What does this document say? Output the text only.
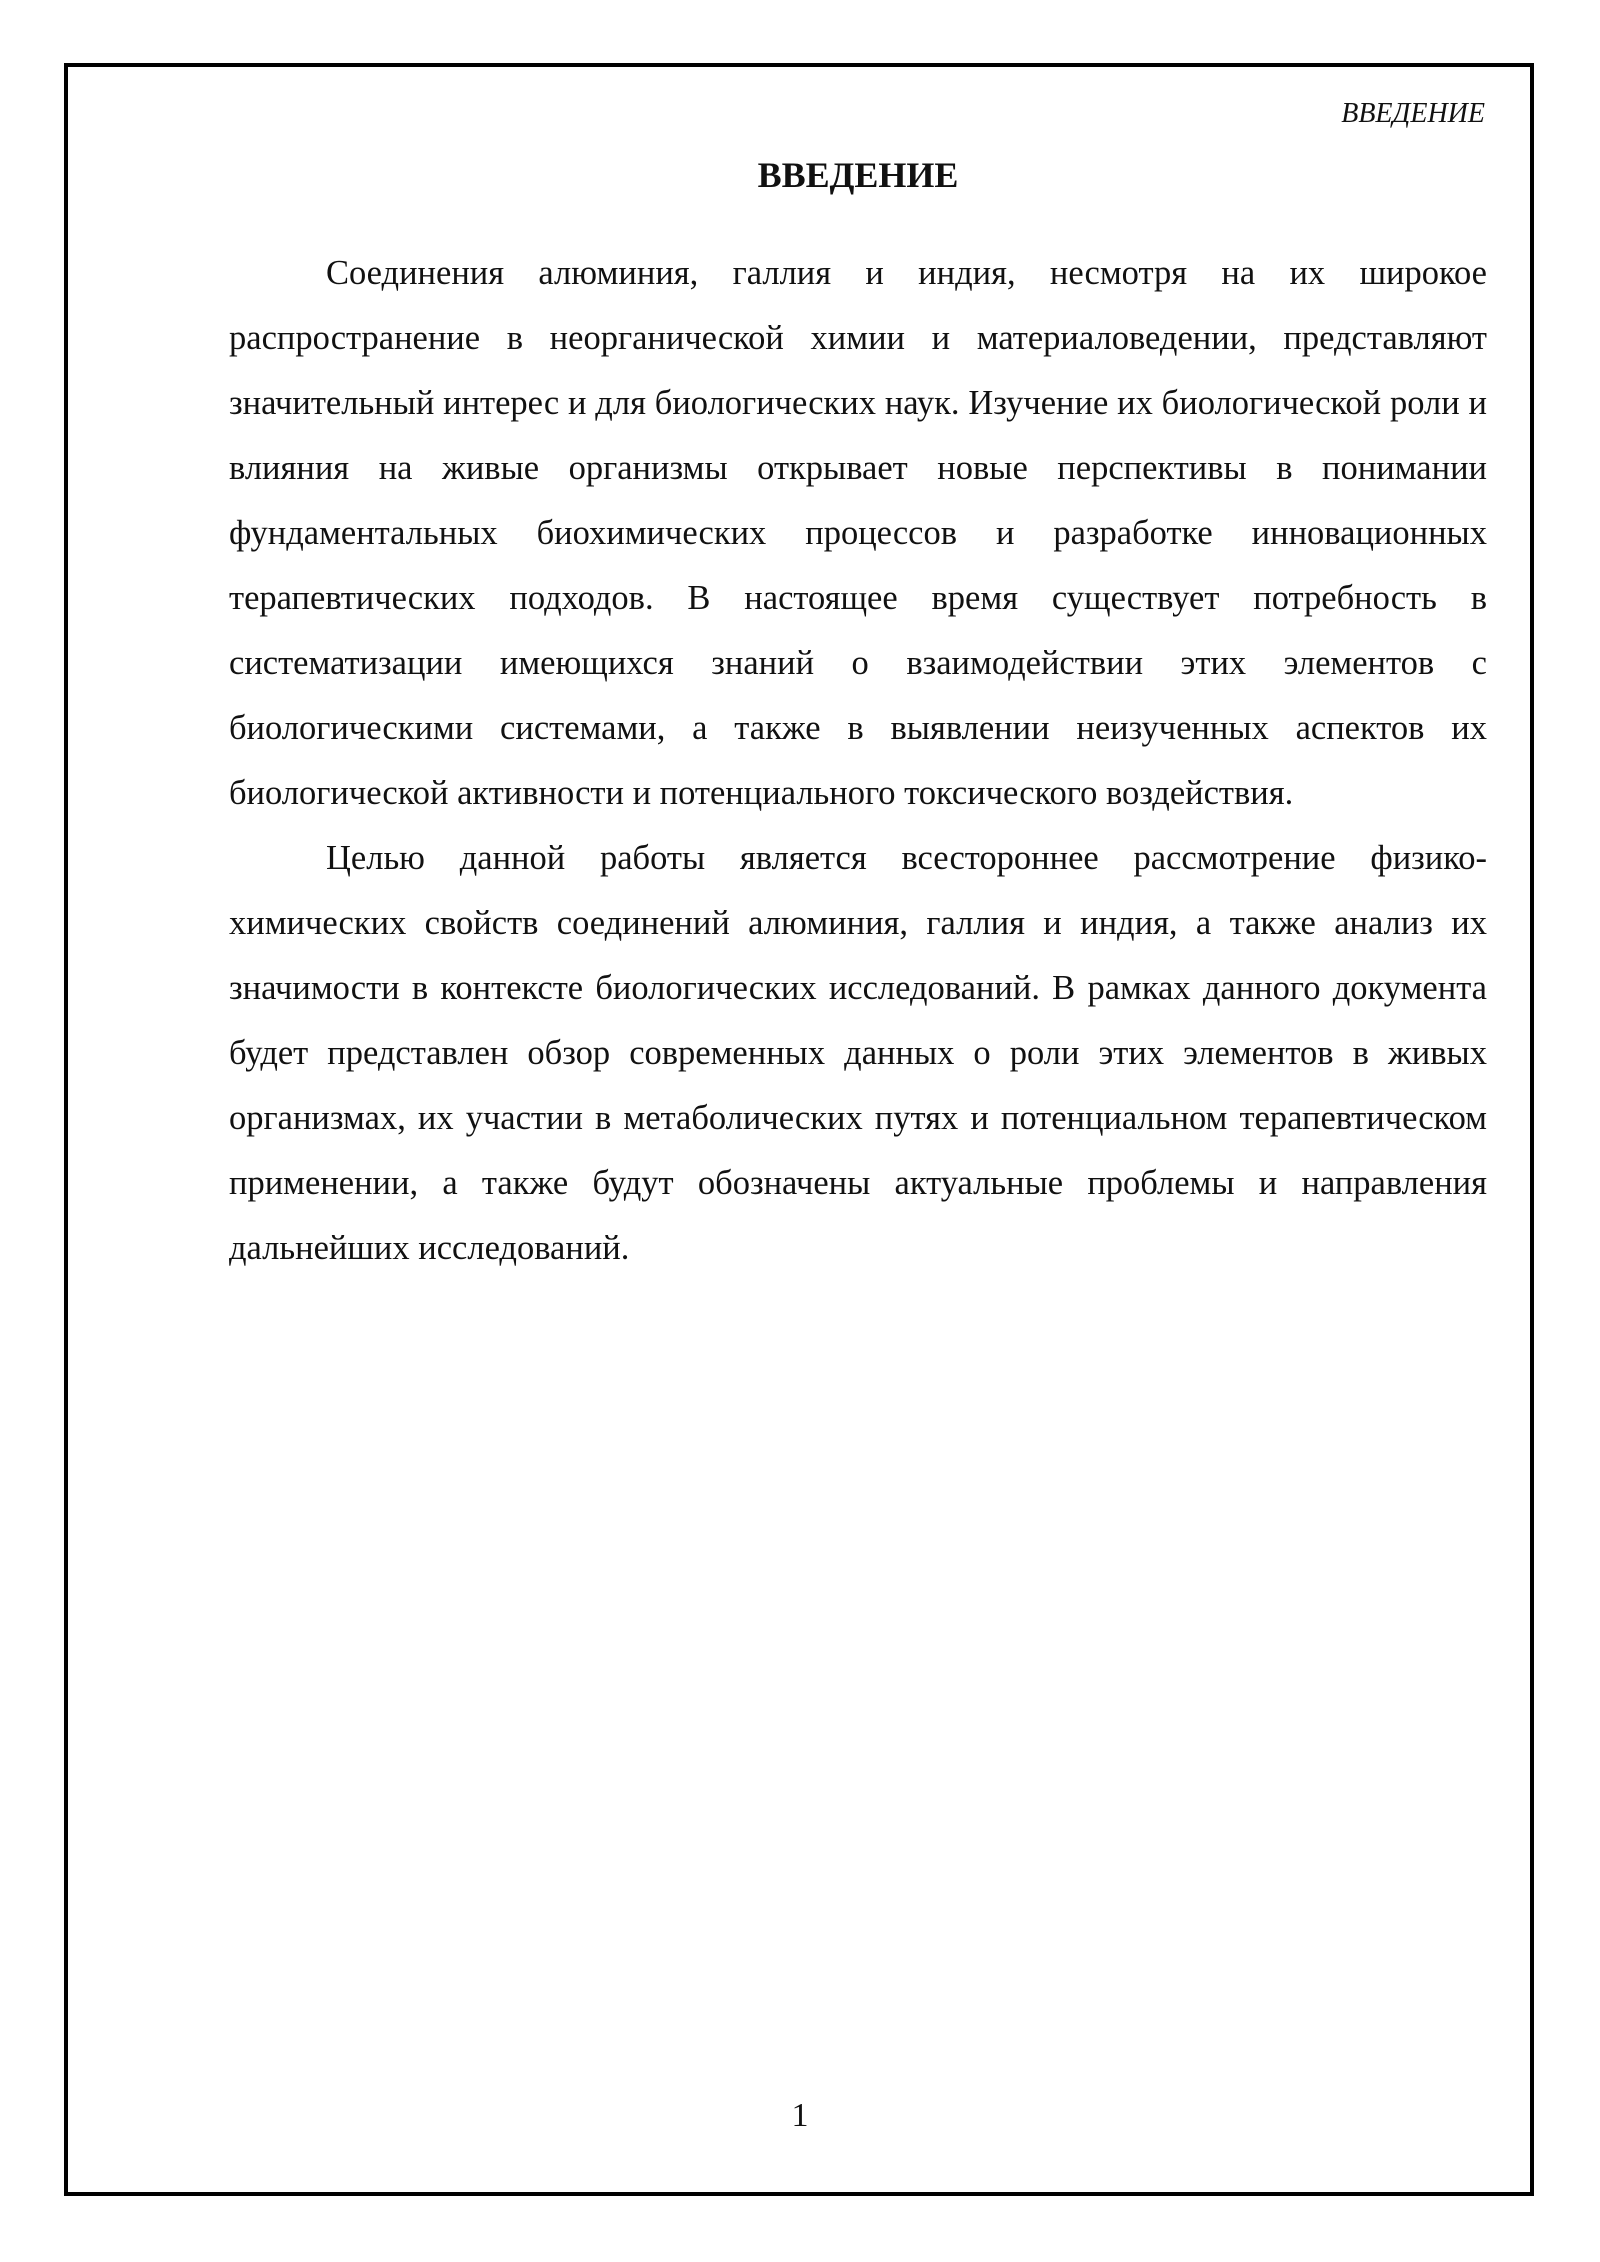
ВВЕДЕНИЕ
ВВЕДЕНИЕ

Соединения алюминия, галлия и индия, несмотря на их широкое распространение в неорганической химии и материаловедении, представляют значительный интерес и для биологических наук. Изучение их биологической роли и влияния на живые организмы открывает новые перспективы в понимании фундаментальных биохимических процессов и разработке инновационных терапевтических подходов. В настоящее время существует потребность в систематизации имеющихся знаний о взаимодействии этих элементов с биологическими системами, а также в выявлении неизученных аспектов их биологической активности и потенциального токсического воздействия.

Целью данной работы является всестороннее рассмотрение физико-химических свойств соединений алюминия, галлия и индия, а также анализ их значимости в контексте биологических исследований. В рамках данного документа будет представлен обзор современных данных о роли этих элементов в живых организмах, их участии в метаболических путях и потенциальном терапевтическом применении, а также будут обозначены актуальные проблемы и направления дальнейших исследований.

1
